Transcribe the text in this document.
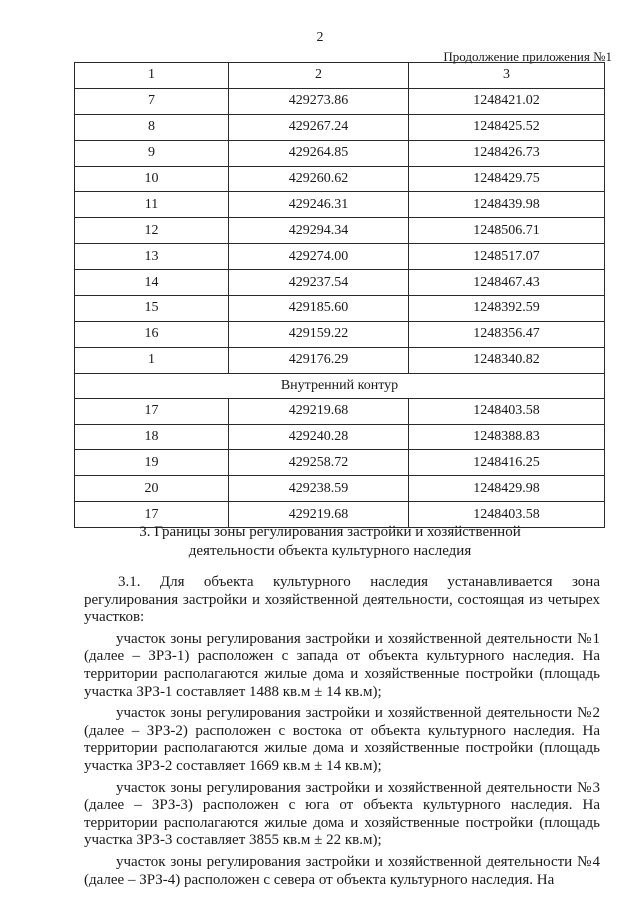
2
Продолжение приложения №1
1	2	3
7	429273.86	1248421.02
8	429267.24	1248425.52
9	429264.85	1248426.73
10	429260.62	1248429.75
11	429246.31	1248439.98
12	429294.34	1248506.71
13	429274.00	1248517.07
14	429237.54	1248467.43
15	429185.60	1248392.59
16	429159.22	1248356.47
1	429176.29	1248340.82
Внутренний контур		
17	429219.68	1248403.58
18	429240.28	1248388.83
19	429258.72	1248416.25
20	429238.59	1248429.98
17	429219.68	1248403.58
3. Границы зоны регулирования застройки и хозяйственной
деятельности объекта культурного наследия

3.1. Для объекта культурного наследия устанавливается зона регулирования застройки и хозяйственной деятельности, состоящая из четырех участков:

участок зоны регулирования застройки и хозяйственной деятельности №1 (далее – ЗРЗ-1) расположен с запада от объекта культурного наследия. На территории располагаются жилые дома и хозяйственные постройки (площадь участка ЗРЗ-1 составляет 1488 кв.м ± 14 кв.м);

участок зоны регулирования застройки и хозяйственной деятельности №2 (далее – ЗРЗ-2) расположен с востока от объекта культурного наследия. На территории располагаются жилые дома и хозяйственные постройки (площадь участка ЗРЗ-2 составляет 1669 кв.м ± 14 кв.м);

участок зоны регулирования застройки и хозяйственной деятельности №3 (далее – ЗРЗ-3) расположен с юга от объекта культурного наследия. На территории располагаются жилые дома и хозяйственные постройки (площадь участка ЗРЗ-3 составляет 3855 кв.м ± 22 кв.м);

участок зоны регулирования застройки и хозяйственной деятельности №4 (далее – ЗРЗ-4) расположен с севера от объекта культурного наследия. На
